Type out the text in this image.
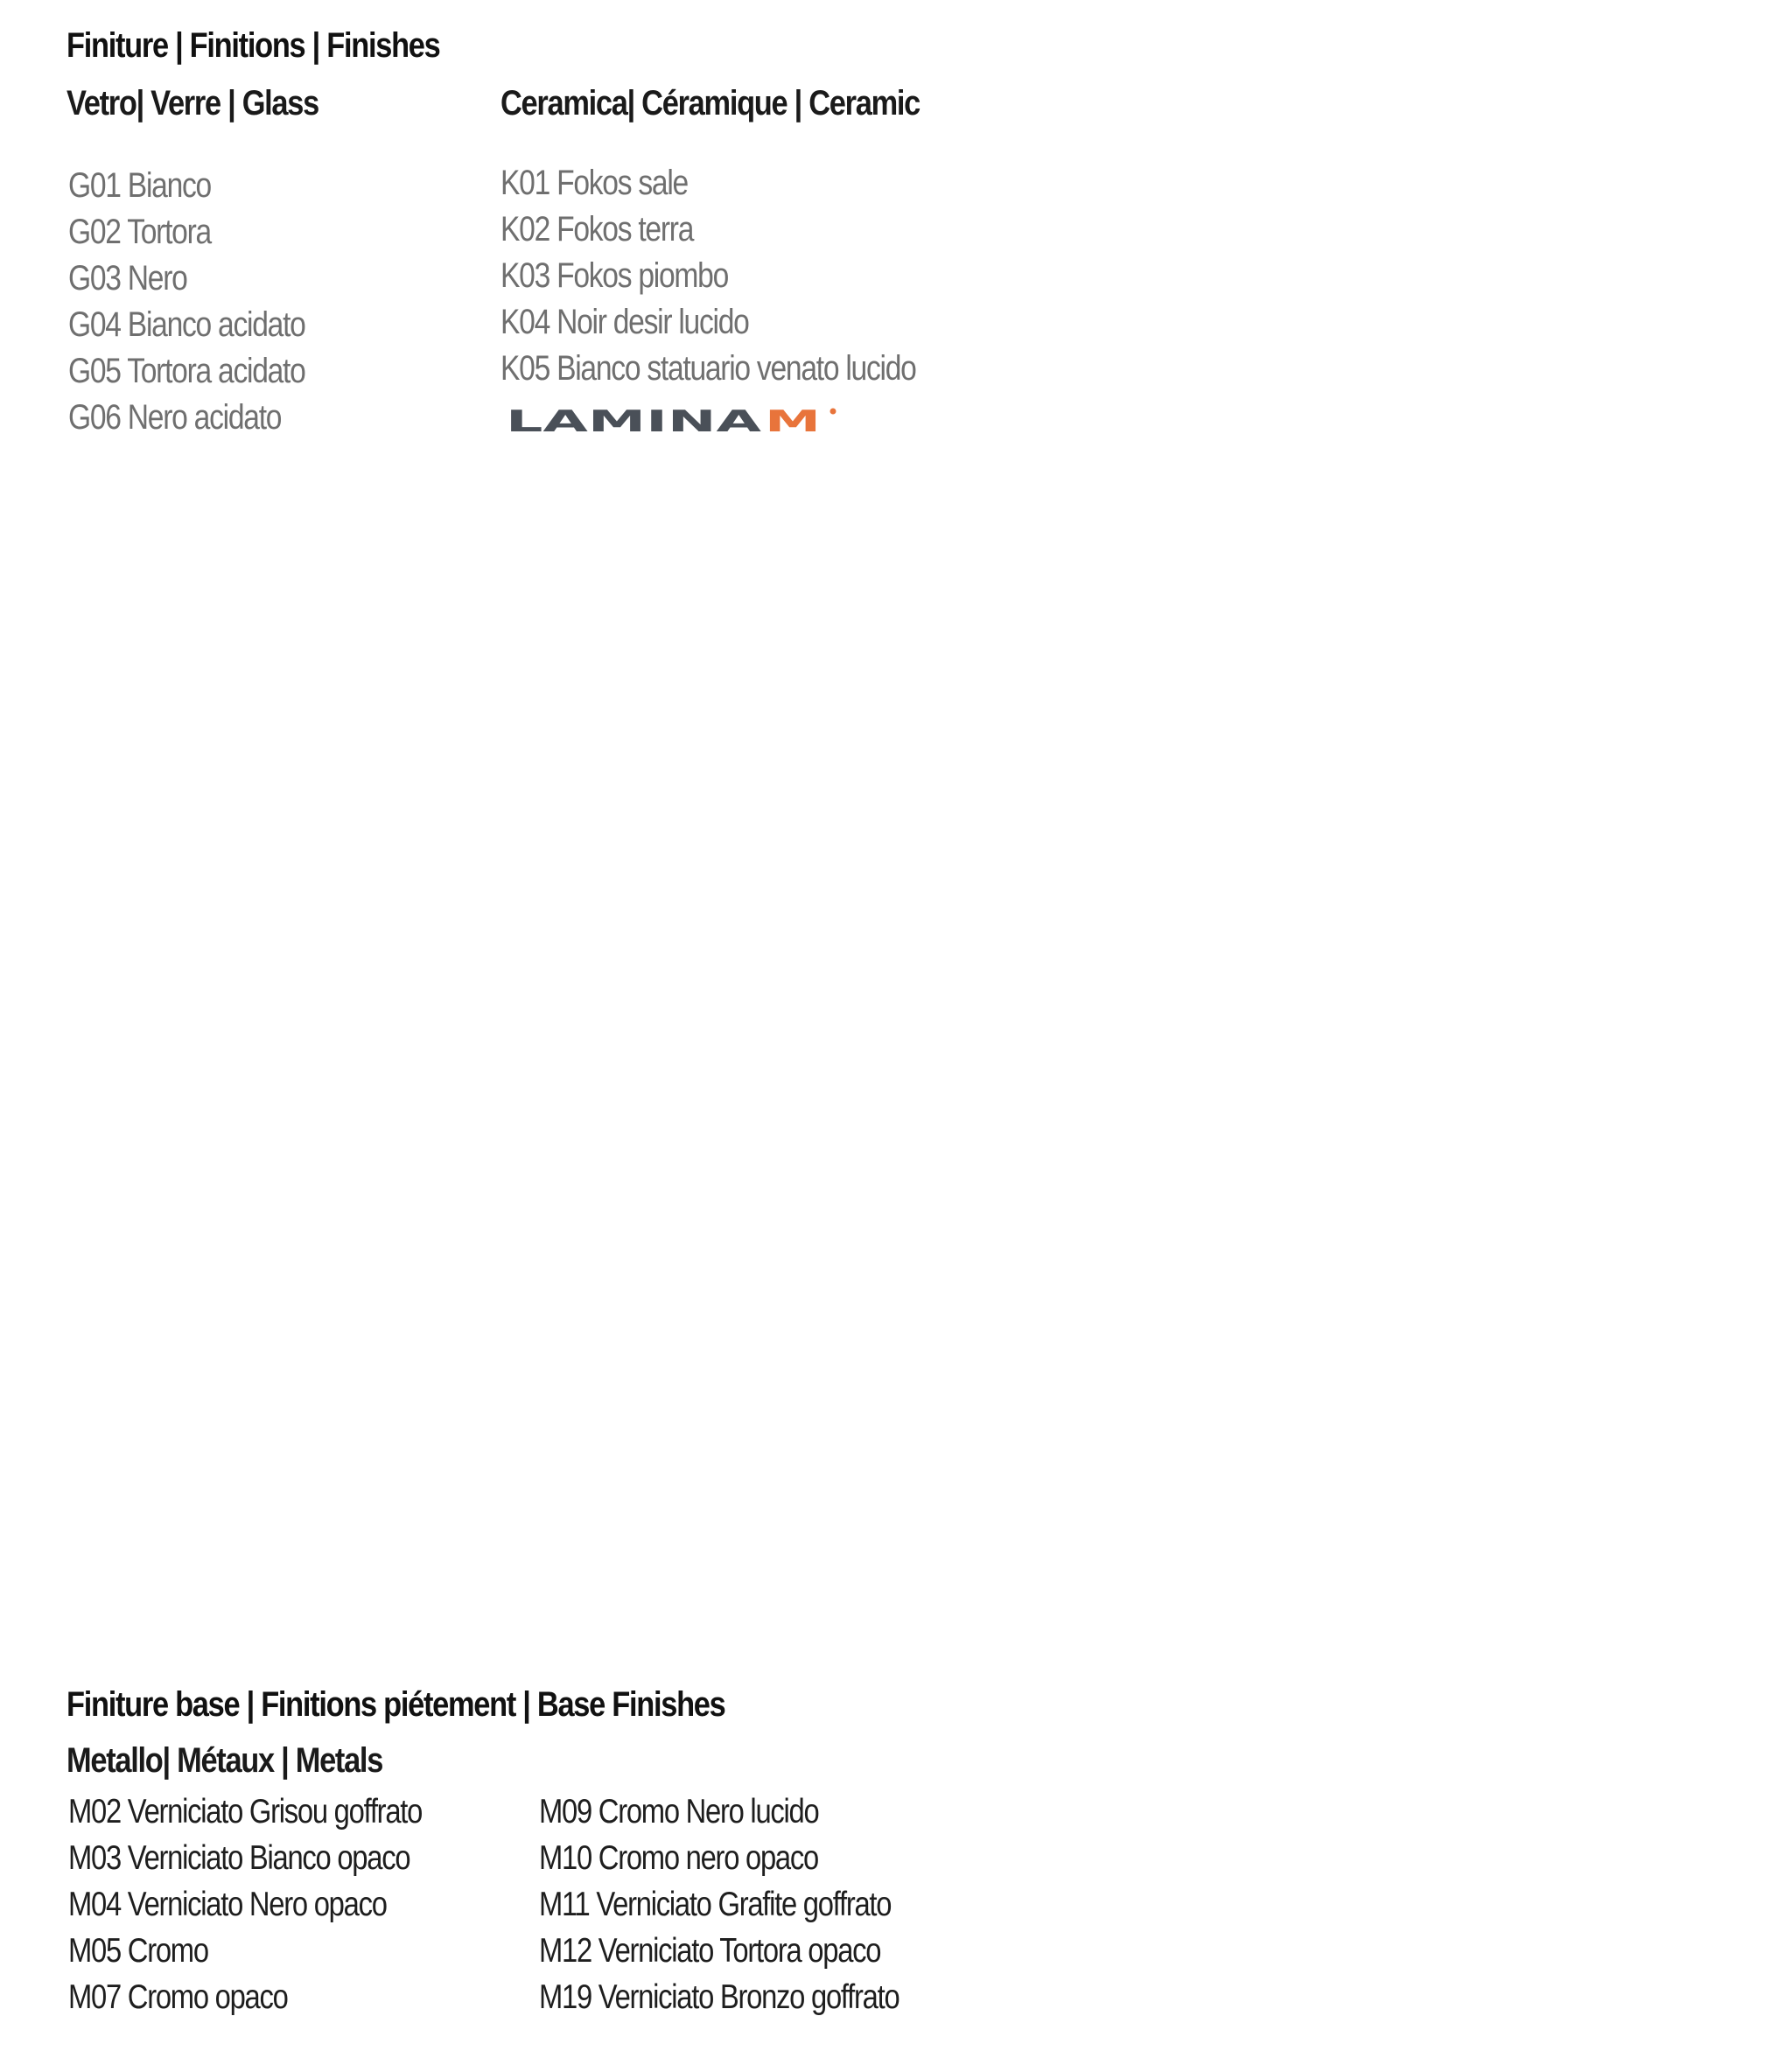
Finiture | Finitions | Finishes
Vetro| Verre | Glass	Ceramica| Céramique | Ceramic
G01 Bianco
G02 Tortora
G03 Nero
G04 Bianco acidato
G05 Tortora acidato
G06 Nero acidato
K01 Fokos sale
K02 Fokos terra
K03 Fokos piombo
K04 Noir desir lucido
K05 Bianco statuario venato lucido
LAMINA M
Finiture base | Finitions piétement | Base Finishes
Metallo| Métaux | Metals
M02 Verniciato Grisou goffrato
M03 Verniciato Bianco opaco
M04 Verniciato Nero opaco
M05 Cromo
M07 Cromo opaco
M09 Cromo Nero lucido
M10 Cromo nero opaco
M11 Verniciato Grafite goffrato
M12 Verniciato Tortora opaco
M19 Verniciato Bronzo goffrato
